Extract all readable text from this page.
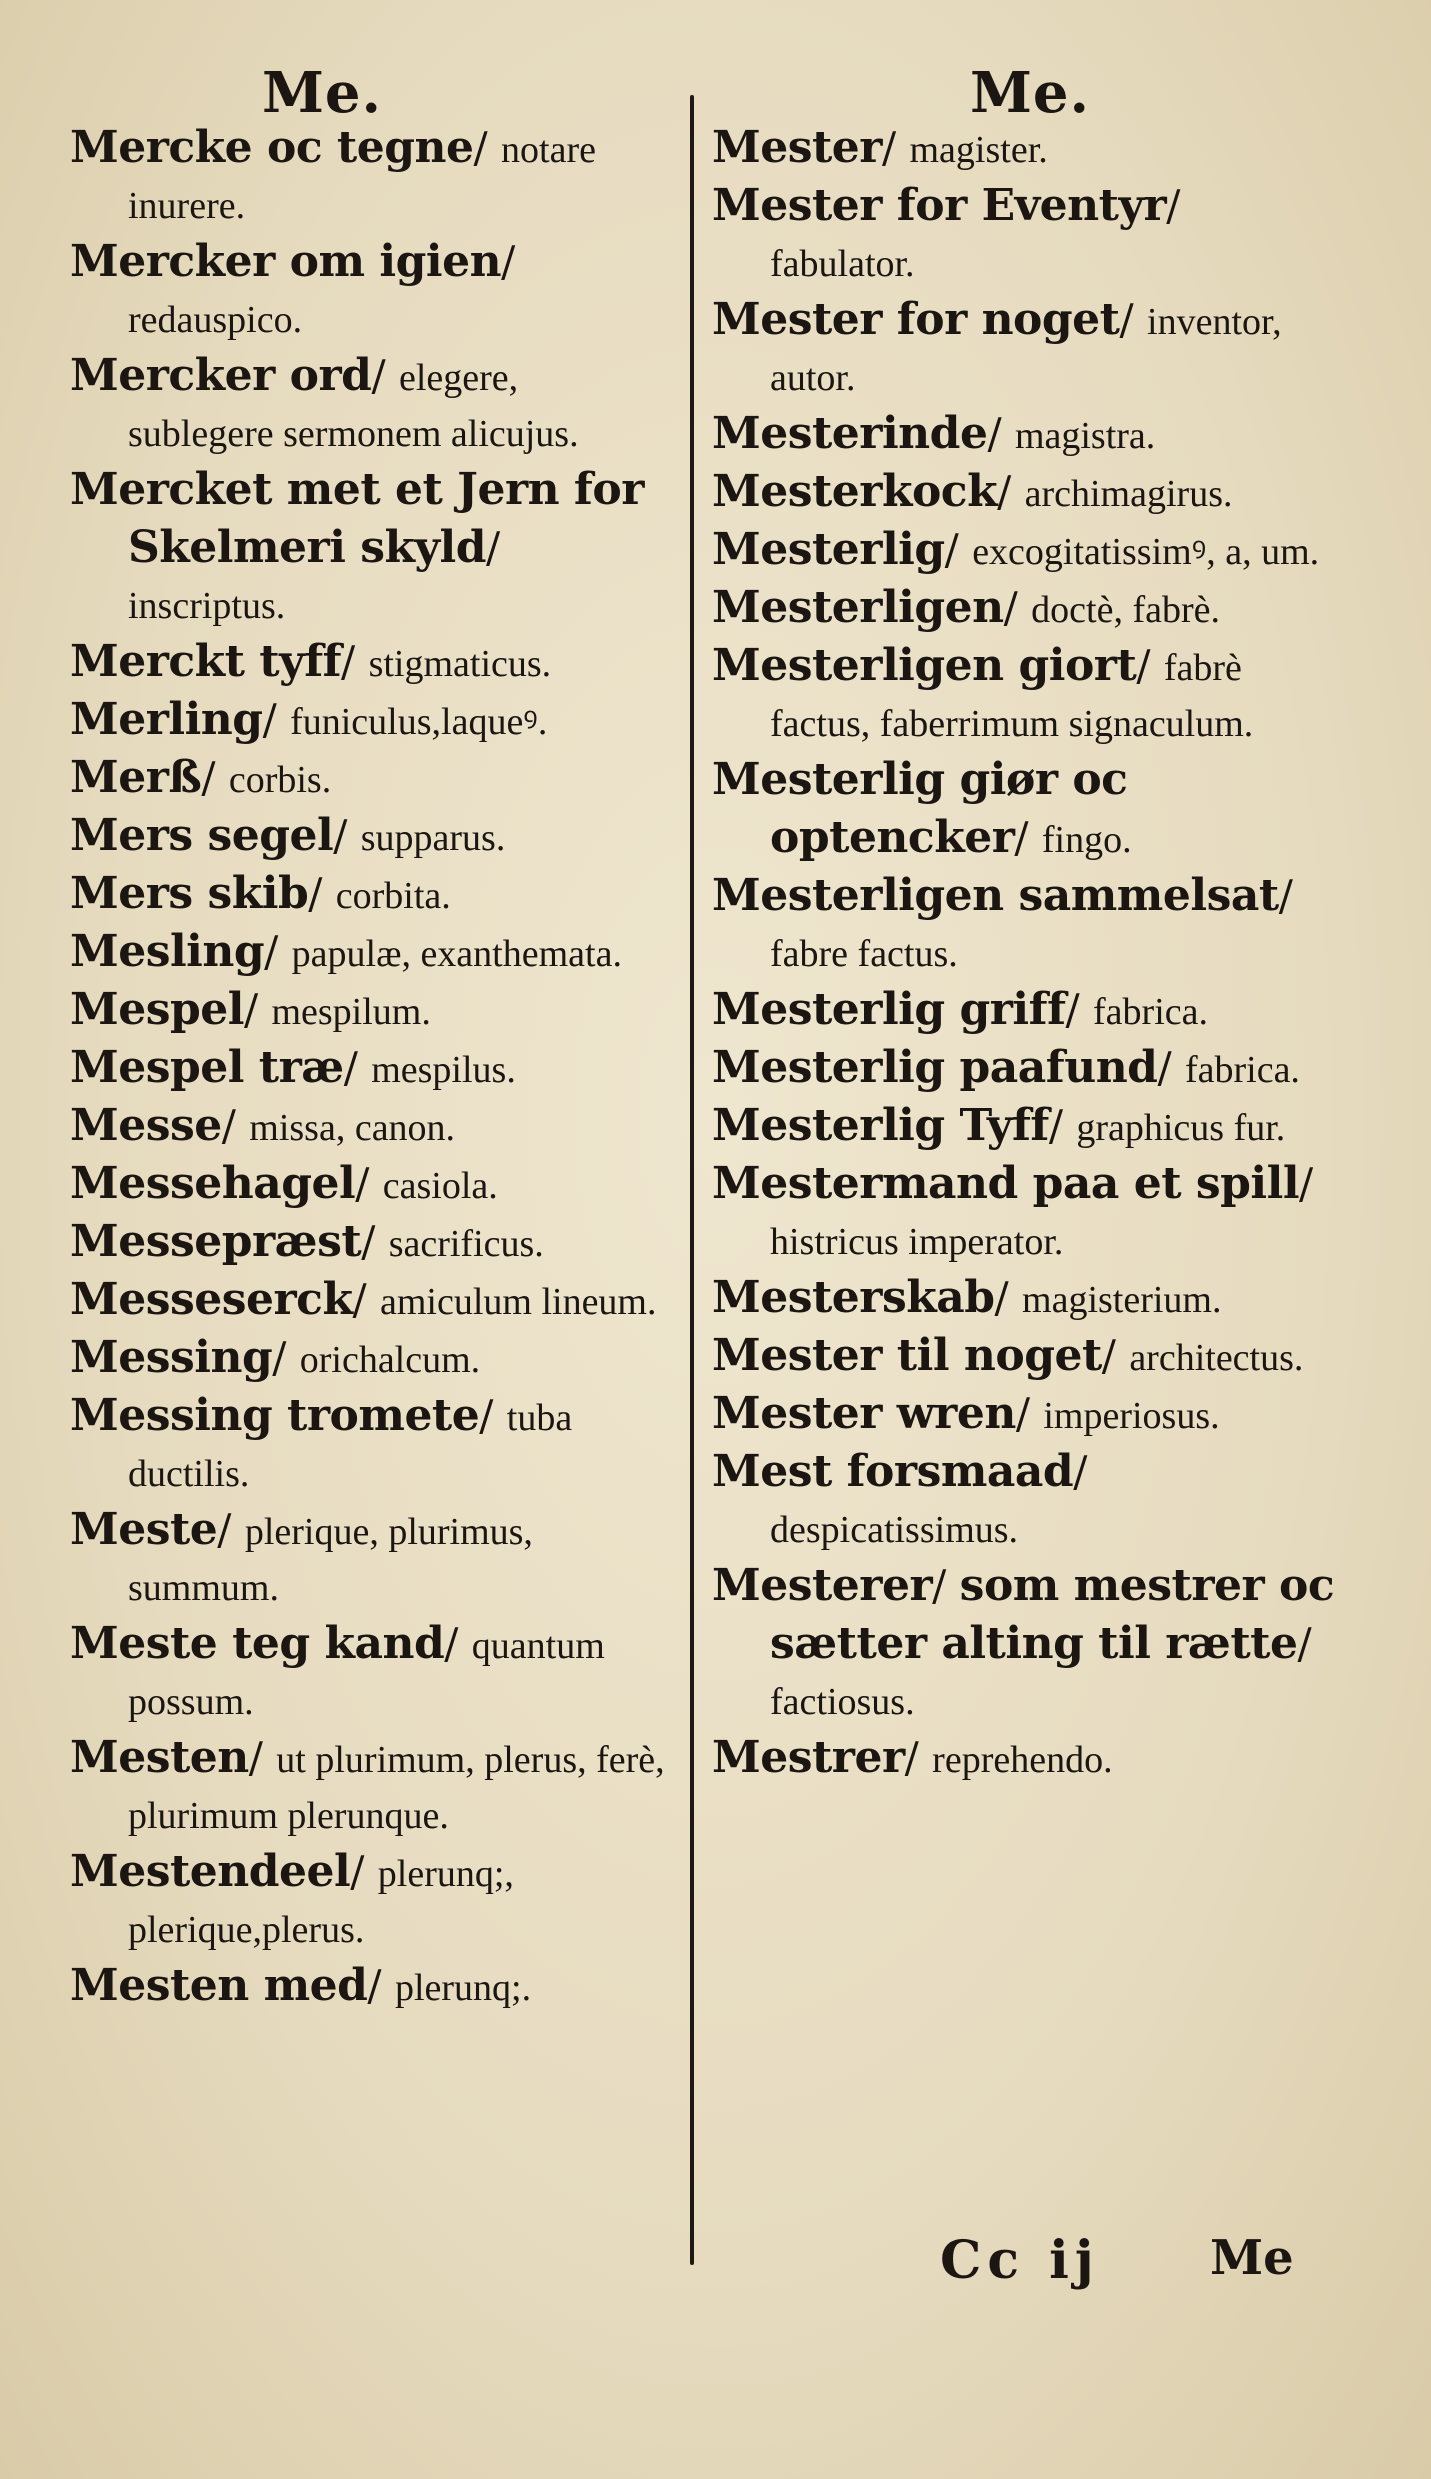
Me.	Me.

Mercke oc tegne/ notare inurere.

Mercker om igien/ redauspico.

Mercker ord/ elegere, sublegere sermonem alicujus.

Mercket met et Jern for Skelmeri skyld/ inscriptus.

Merckt tyff/ stigmaticus.

Merling/ funiculus,laqueꝰ.

Merß/ corbis.

Mers segel/ supparus.

Mers skib/ corbita.

Mesling/ papulæ, exanthemata.

Mespel/ mespilum.

Mespel træ/ mespilus.

Messe/ missa, canon.

Messehagel/ casiola.

Messepræst/ sacrificus.

Messeserck/ amiculum lineum.

Messing/ orichalcum.

Messing tromete/ tuba ductilis.

Meste/ plerique, plurimus, summum.

Meste teg kand/ quantum possum.

Mesten/ ut plurimum, plerus, ferè, plurimum plerunque.

Mestendeel/ plerunq;, plerique,plerus.

Mesten med/ plerunq;.

Mester/ magister.

Mester for Eventyr/ fabulator.

Mester for noget/ inventor, autor.

Mesterinde/ magistra.

Mesterkock/ archimagirus.

Mesterlig/ excogitatissimꝰ, a, um.

Mesterligen/ doctè, fabrè.

Mesterligen giort/ fabrè factus, faberrimum signaculum.

Mesterlig giør oc optencker/ fingo.

Mesterligen sammelsat/ fabre factus.

Mesterlig griff/ fabrica.

Mesterlig paafund/ fabrica.

Mesterlig Tyff/ graphicus fur.

Mestermand paa et spill/ histricus imperator.

Mesterskab/ magisterium.

Mester til noget/ architectus.

Mester wren/ imperiosus.

Mest forsmaad/ despicatissimus.

Mesterer/ som mestrer oc sætter alting til rætte/ factiosus.

Mestrer/ reprehendo.

Cc ij Me
